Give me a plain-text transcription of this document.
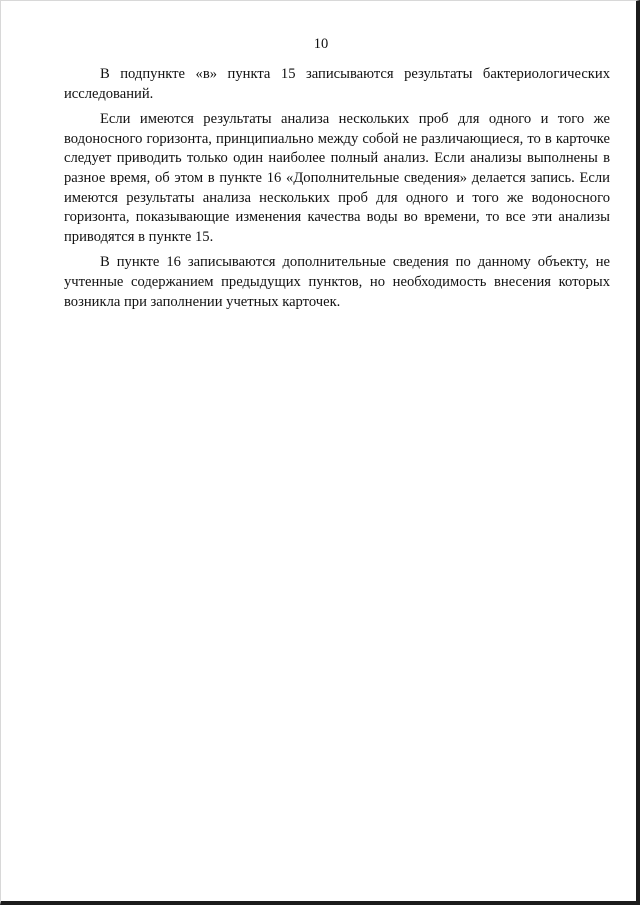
10

В подпункте «в» пункта 15 записываются результаты бактериологических исследований.

Если имеются результаты анализа нескольких проб для одного и того же водоносного горизонта, принципиально между собой не различающиеся, то в карточке следует приводить только один наиболее полный анализ. Если анализы выполнены в разное время, об этом в пункте 16 «Дополнительные сведения» делается запись. Если имеются результаты анализа нескольких проб для одного и того же водоносного горизонта, показывающие изменения качества воды во времени, то все эти анализы приводятся в пункте 15.

В пункте 16 записываются дополнительные сведения по данному объекту, не учтенные содержанием предыдущих пунктов, но необходимость внесения которых возникла при заполнении учетных карточек.
